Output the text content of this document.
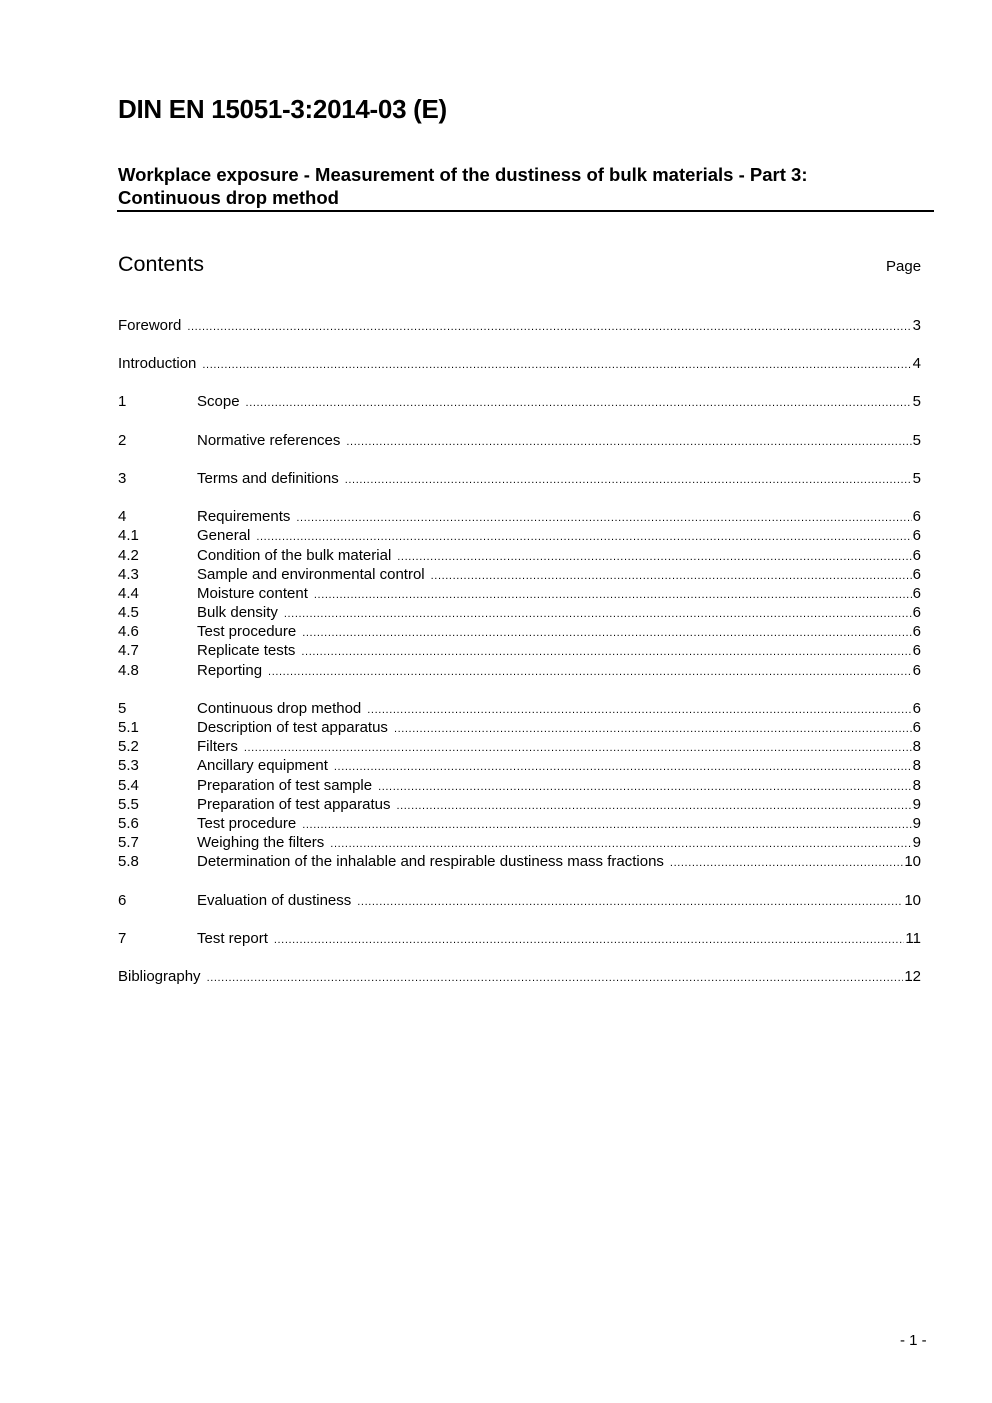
DIN EN 15051-3:2014-03 (E)
Workplace exposure - Measurement of the dustiness of bulk materials - Part 3:
Continuous drop method
Contents	Page
Foreword .....	3
Introduction .....	4
1	Scope .....	5
2	Normative references .....	5
3	Terms and definitions .....	5
4	Requirements .....	6
4.1	General .....	6
4.2	Condition of the bulk material .....	6
4.3	Sample and environmental control .....	6
4.4	Moisture content .....	6
4.5	Bulk density .....	6
4.6	Test procedure .....	6
4.7	Replicate tests .....	6
4.8	Reporting .....	6
5	Continuous drop method .....	6
5.1	Description of test apparatus .....	6
5.2	Filters .....	8
5.3	Ancillary equipment .....	8
5.4	Preparation of test sample .....	8
5.5	Preparation of test apparatus .....	9
5.6	Test procedure .....	9
5.7	Weighing the filters .....	9
5.8	Determination of the inhalable and respirable dustiness mass fractions .....	10
6	Evaluation of dustiness .....	10
7	Test report .....	11
Bibliography .....	12
- 1 -
